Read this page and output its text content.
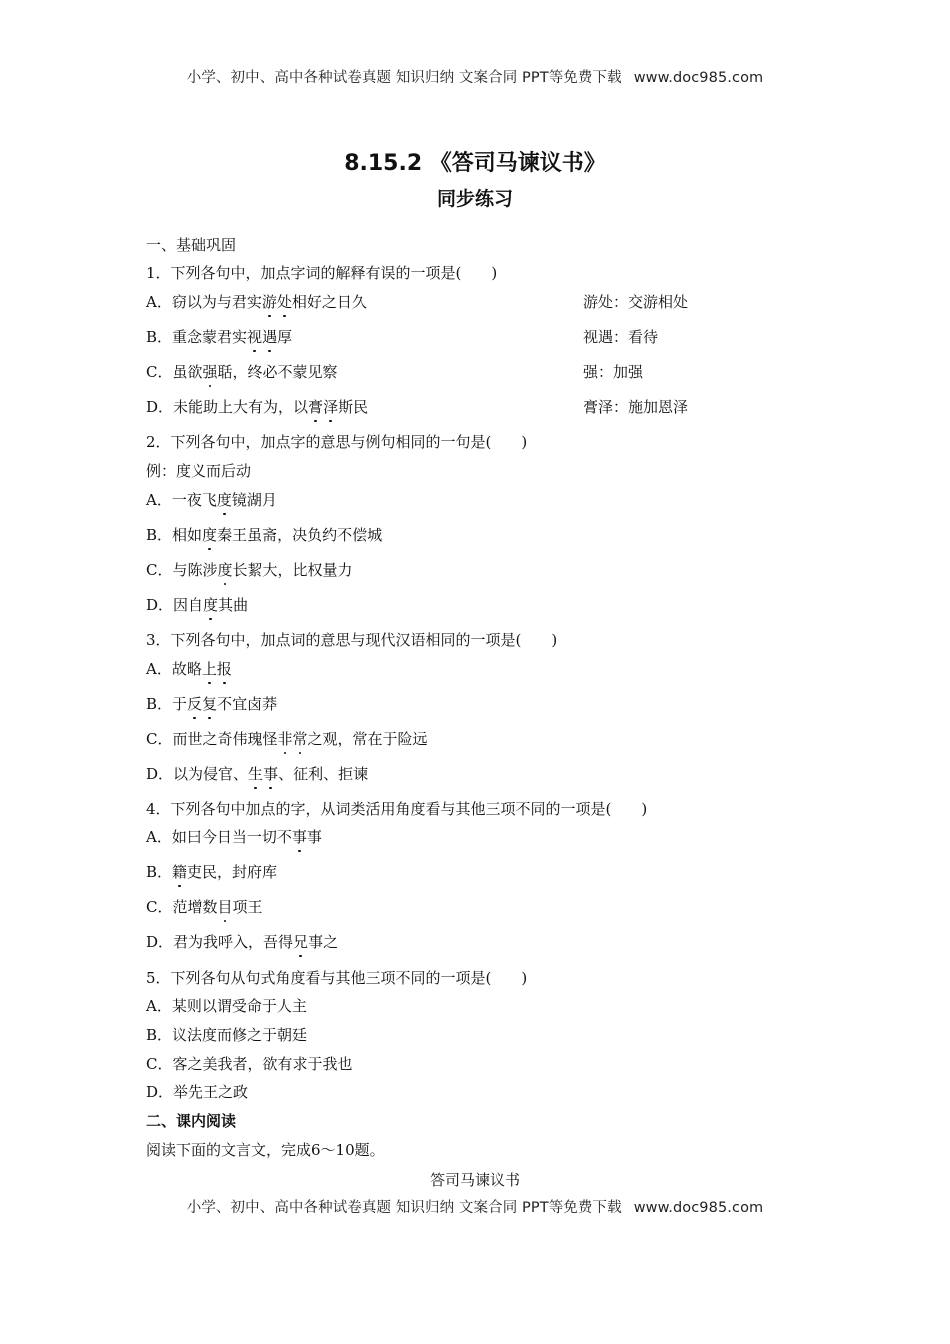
小学、初中、高中各种试卷真题 知识归纳 文案合同 PPT等免费下载 www.doc985.com
8.15.2 《答司马谏议书》
同步练习
一、基础巩固
1．下列各句中，加点字词的解释有误的一项是(　　)
A．窃以为与君实游处相好之日久	游处：交游相处
B．重念蒙君实视遇厚	视遇：看待
C．虽欲强聒，终必不蒙见察	强：加强
D．未能助上大有为，以膏泽斯民	膏泽：施加恩泽
2．下列各句中，加点字的意思与例句相同的一句是(　　)
例：度义而后动
A．一夜飞度镜湖月
B．相如度秦王虽斋，决负约不偿城
C．与陈涉度长絜大，比权量力
D．因自度其曲
3．下列各句中，加点词的意思与现代汉语相同的一项是(　　)
A．故略上报
B．于反复不宜卤莽
C．而世之奇伟瑰怪非常之观，常在于险远
D．以为侵官、生事、征利、拒谏
4．下列各句中加点的字，从词类活用角度看与其他三项不同的一项是(　　)
A．如曰今日当一切不事事
B．籍吏民，封府库
C．范增数目项王
D．君为我呼入，吾得兄事之
5．下列各句从句式角度看与其他三项不同的一项是(　　)
A．某则以谓受命于人主
B．议法度而修之于朝廷
C．客之美我者，欲有求于我也
D．举先王之政
二、课内阅读
阅读下面的文言文，完成6～10题。
答司马谏议书
小学、初中、高中各种试卷真题 知识归纳 文案合同 PPT等免费下载 www.doc985.com
